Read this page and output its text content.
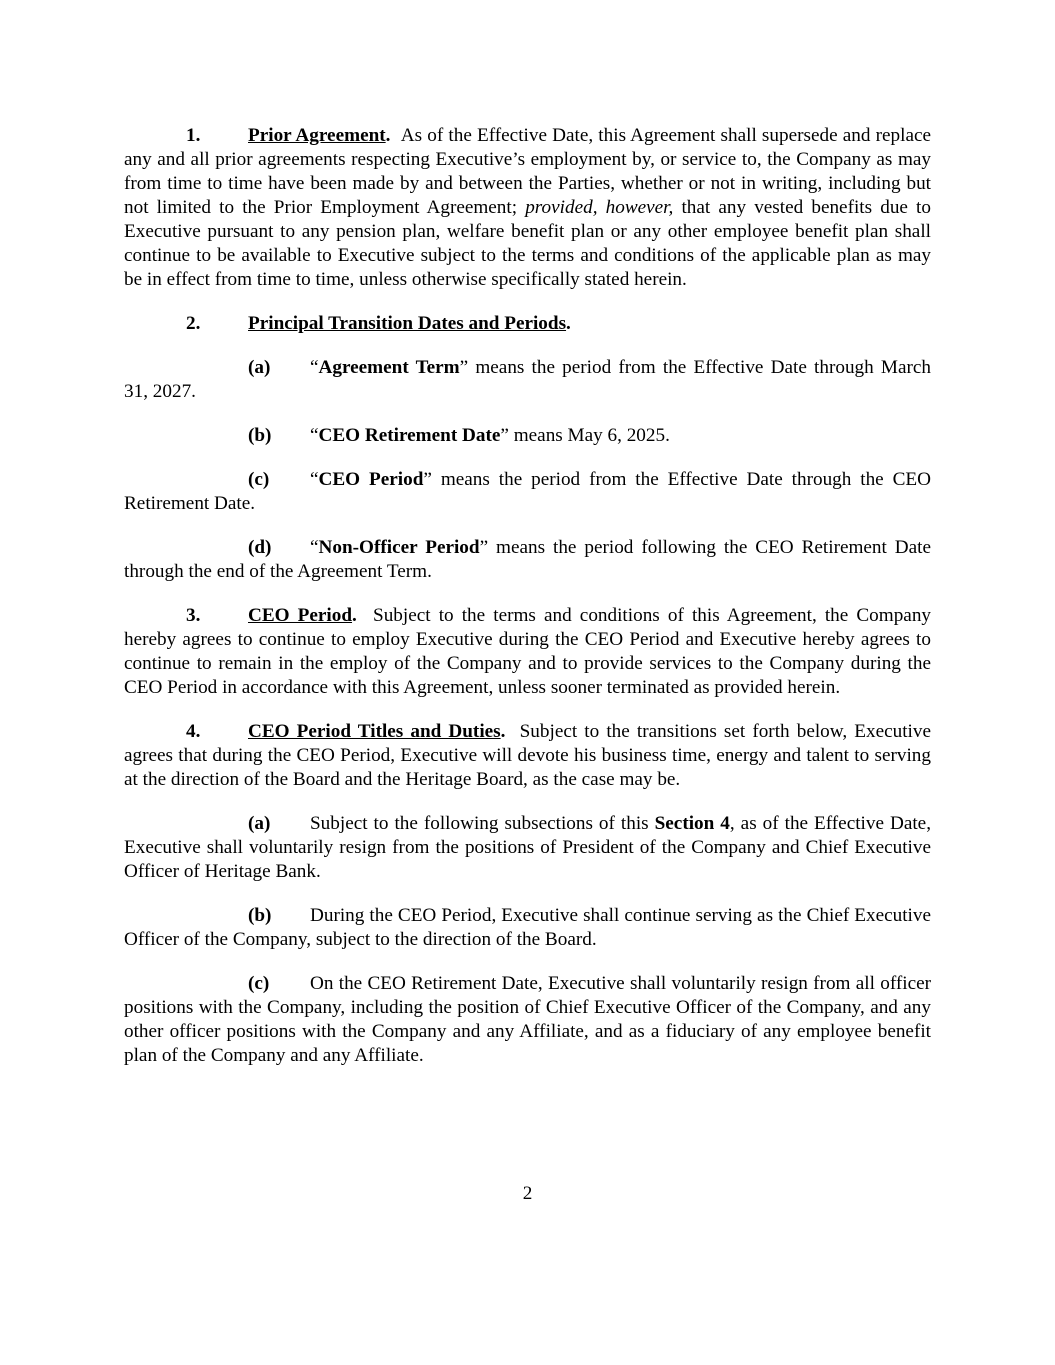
1. Prior Agreement. As of the Effective Date, this Agreement shall supersede and replace any and all prior agreements respecting Executive’s employment by, or service to, the Company as may from time to time have been made by and between the Parties, whether or not in writing, including but not limited to the Prior Employment Agreement; provided, however, that any vested benefits due to Executive pursuant to any pension plan, welfare benefit plan or any other employee benefit plan shall continue to be available to Executive subject to the terms and conditions of the applicable plan as may be in effect from time to time, unless otherwise specifically stated herein.

2. Principal Transition Dates and Periods.

(a) “Agreement Term” means the period from the Effective Date through March 31, 2027.

(b) “CEO Retirement Date” means May 6, 2025.

(c) “CEO Period” means the period from the Effective Date through the CEO Retirement Date.

(d) “Non-Officer Period” means the period following the CEO Retirement Date through the end of the Agreement Term.

3. CEO Period. Subject to the terms and conditions of this Agreement, the Company hereby agrees to continue to employ Executive during the CEO Period and Executive hereby agrees to continue to remain in the employ of the Company and to provide services to the Company during the CEO Period in accordance with this Agreement, unless sooner terminated as provided herein.

4. CEO Period Titles and Duties. Subject to the transitions set forth below, Executive agrees that during the CEO Period, Executive will devote his business time, energy and talent to serving at the direction of the Board and the Heritage Board, as the case may be.

(a) Subject to the following subsections of this Section 4, as of the Effective Date, Executive shall voluntarily resign from the positions of President of the Company and Chief Executive Officer of Heritage Bank.

(b) During the CEO Period, Executive shall continue serving as the Chief Executive Officer of the Company, subject to the direction of the Board.

(c) On the CEO Retirement Date, Executive shall voluntarily resign from all officer positions with the Company, including the position of Chief Executive Officer of the Company, and any other officer positions with the Company and any Affiliate, and as a fiduciary of any employee benefit plan of the Company and any Affiliate.

2
